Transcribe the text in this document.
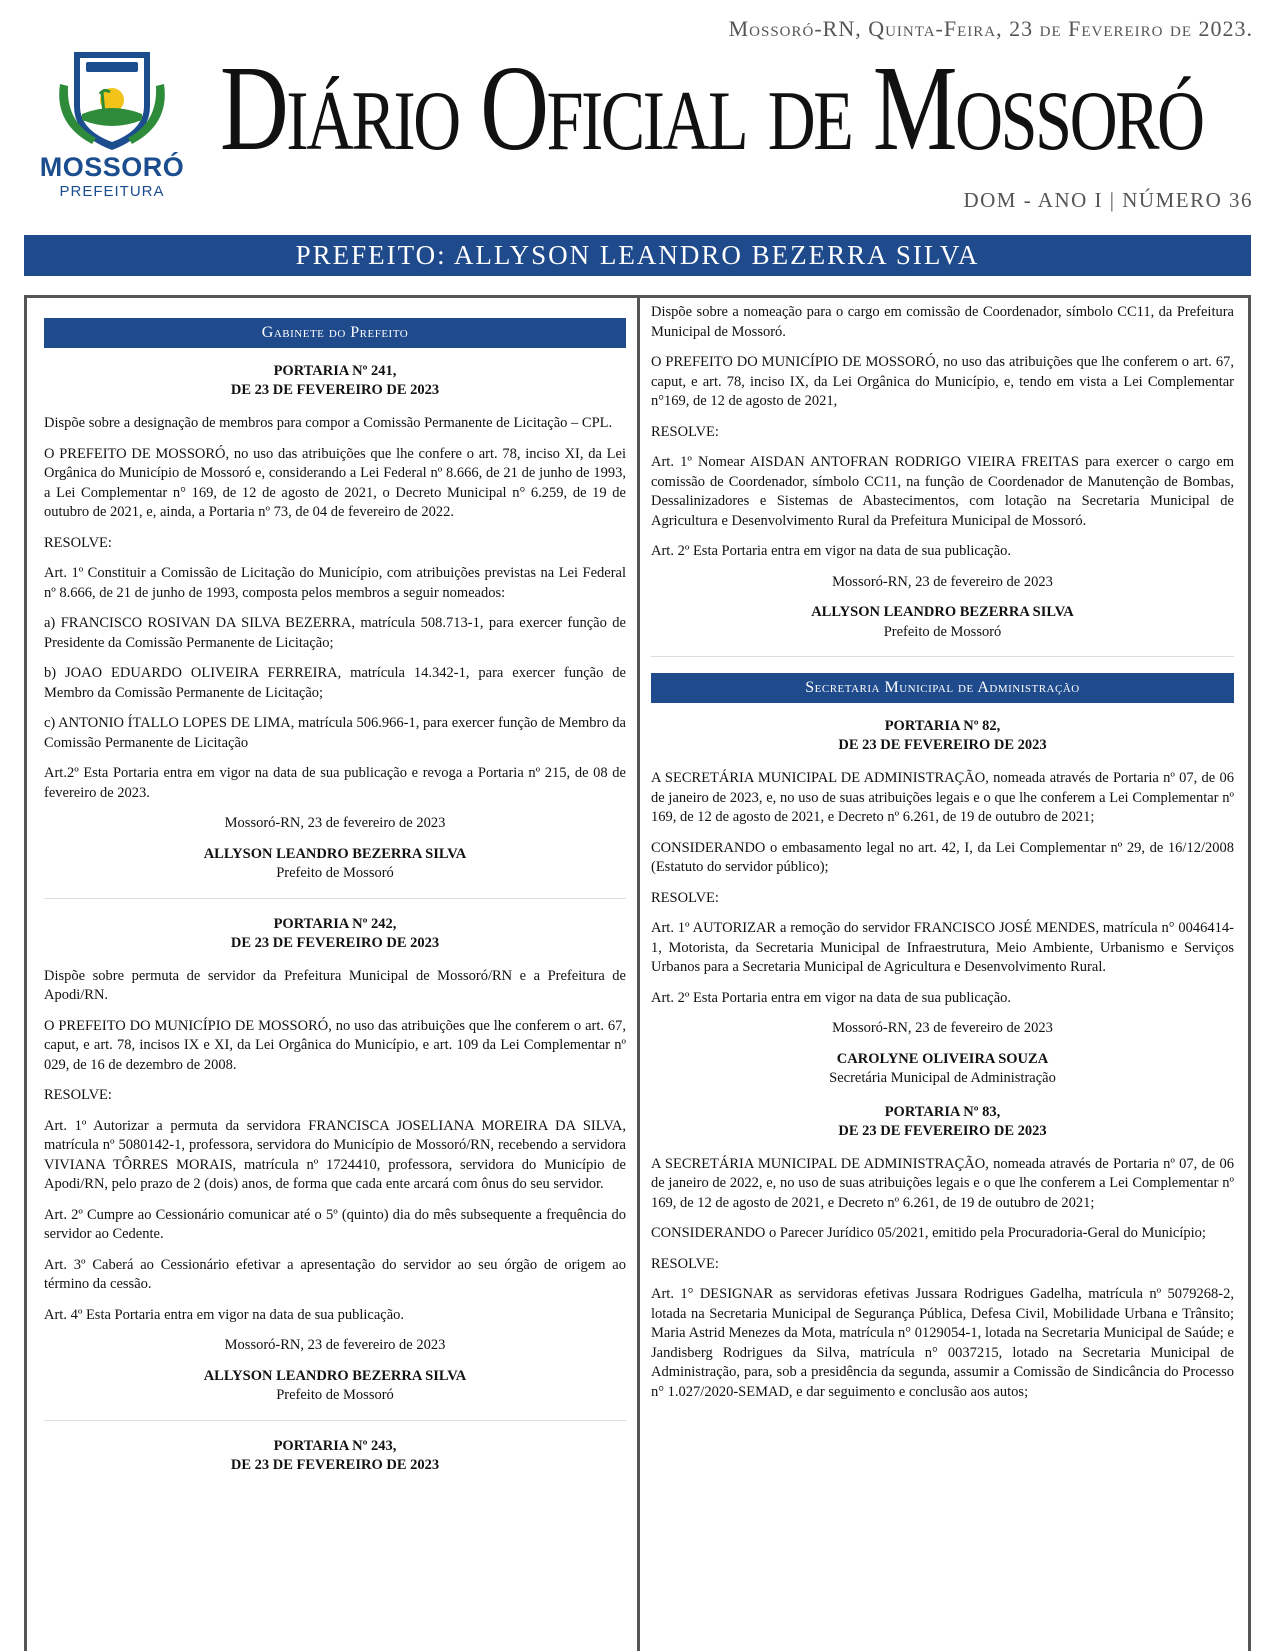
MOSSORÓ
PREFEITURA
Mossoró-RN, Quinta-Feira, 23 de Fevereiro de 2023.
Diário Oficial de Mossoró
DOM - ANO I | NÚMERO 36
PREFEITO: ALLYSON LEANDRO BEZERRA SILVA
Gabinete do Prefeito
PORTARIA Nº 241,
DE 23 DE FEVEREIRO DE 2023

Dispõe sobre a designação de membros para compor a Comissão Permanente de Licitação – CPL.

O PREFEITO DE MOSSORÓ, no uso das atribuições que lhe confere o art. 78, inciso XI, da Lei Orgânica do Município de Mossoró e, considerando a Lei Federal nº 8.666, de 21 de junho de 1993, a Lei Complementar n° 169, de 12 de agosto de 2021, o Decreto Municipal n° 6.259, de 19 de outubro de 2021, e, ainda, a Portaria nº 73, de 04 de fevereiro de 2022.

RESOLVE:

Art. 1º Constituir a Comissão de Licitação do Município, com atribuições previstas na Lei Federal nº 8.666, de 21 de junho de 1993, composta pelos membros a seguir nomeados:

a) FRANCISCO ROSIVAN DA SILVA BEZERRA, matrícula 508.713-1, para exercer função de Presidente da Comissão Permanente de Licitação;

b) JOAO EDUARDO OLIVEIRA FERREIRA, matrícula 14.342-1, para exercer função de Membro da Comissão Permanente de Licitação;

c) ANTONIO ÍTALLO LOPES DE LIMA, matrícula 506.966-1, para exercer função de Membro da Comissão Permanente de Licitação

Art.2º Esta Portaria entra em vigor na data de sua publicação e revoga a Portaria nº 215, de 08 de fevereiro de 2023.

Mossoró-RN, 23 de fevereiro de 2023
ALLYSON LEANDRO BEZERRA SILVA
Prefeito de Mossoró
PORTARIA Nº 242,
DE 23 DE FEVEREIRO DE 2023

Dispõe sobre permuta de servidor da Prefeitura Municipal de Mossoró/RN e a Prefeitura de Apodi/RN.

O PREFEITO DO MUNICÍPIO DE MOSSORÓ, no uso das atribuições que lhe conferem o art. 67, caput, e art. 78, incisos IX e XI, da Lei Orgânica do Município, e art. 109 da Lei Complementar nº 029, de 16 de dezembro de 2008.

RESOLVE:

Art. 1º Autorizar a permuta da servidora FRANCISCA JOSELIANA MOREIRA DA SILVA, matrícula nº 5080142-1, professora, servidora do Município de Mossoró/RN, recebendo a servidora VIVIANA TÔRRES MORAIS, matrícula nº 1724410, professora, servidora do Município de Apodi/RN, pelo prazo de 2 (dois) anos, de forma que cada ente arcará com ônus do seu servidor.

Art. 2º Cumpre ao Cessionário comunicar até o 5º (quinto) dia do mês subsequente a frequência do servidor ao Cedente.

Art. 3º Caberá ao Cessionário efetivar a apresentação do servidor ao seu órgão de origem ao término da cessão.

Art. 4º Esta Portaria entra em vigor na data de sua publicação.

Mossoró-RN, 23 de fevereiro de 2023
ALLYSON LEANDRO BEZERRA SILVA
Prefeito de Mossoró
PORTARIA Nº 243,
DE 23 DE FEVEREIRO DE 2023

Dispõe sobre a nomeação para o cargo em comissão de Coordenador, símbolo CC11, da Prefeitura Municipal de Mossoró.

O PREFEITO DO MUNICÍPIO DE MOSSORÓ, no uso das atribuições que lhe conferem o art. 67, caput, e art. 78, inciso IX, da Lei Orgânica do Município, e, tendo em vista a Lei Complementar n°169, de 12 de agosto de 2021,

RESOLVE:

Art. 1º Nomear AISDAN ANTOFRAN RODRIGO VIEIRA FREITAS para exercer o cargo em comissão de Coordenador, símbolo CC11, na função de Coordenador de Manutenção de Bombas, Dessalinizadores e Sistemas de Abastecimentos, com lotação na Secretaria Municipal de Agricultura e Desenvolvimento Rural da Prefeitura Municipal de Mossoró.

Art. 2º Esta Portaria entra em vigor na data de sua publicação.

Mossoró-RN, 23 de fevereiro de 2023
ALLYSON LEANDRO BEZERRA SILVA
Prefeito de Mossoró
Secretaria Municipal de Administração
PORTARIA Nº 82,
DE 23 DE FEVEREIRO DE 2023

A SECRETÁRIA MUNICIPAL DE ADMINISTRAÇÃO, nomeada através de Portaria nº 07, de 06 de janeiro de 2023, e, no uso de suas atribuições legais e o que lhe conferem a Lei Complementar nº 169, de 12 de agosto de 2021, e Decreto nº 6.261, de 19 de outubro de 2021;

CONSIDERANDO o embasamento legal no art. 42, I, da Lei Complementar nº 29, de 16/12/2008 (Estatuto do servidor público);

RESOLVE:

Art. 1º AUTORIZAR a remoção do servidor FRANCISCO JOSÉ MENDES, matrícula n° 0046414-1, Motorista, da Secretaria Municipal de Infraestrutura, Meio Ambiente, Urbanismo e Serviços Urbanos para a Secretaria Municipal de Agricultura e Desenvolvimento Rural.

Art. 2º Esta Portaria entra em vigor na data de sua publicação.

Mossoró-RN, 23 de fevereiro de 2023
CAROLYNE OLIVEIRA SOUZA
Secretária Municipal de Administração
PORTARIA Nº 83,
DE 23 DE FEVEREIRO DE 2023

A SECRETÁRIA MUNICIPAL DE ADMINISTRAÇÃO, nomeada através de Portaria nº 07, de 06 de janeiro de 2022, e, no uso de suas atribuições legais e o que lhe conferem a Lei Complementar nº 169, de 12 de agosto de 2021, e Decreto nº 6.261, de 19 de outubro de 2021;

CONSIDERANDO o Parecer Jurídico 05/2021, emitido pela Procuradoria-Geral do Município;

RESOLVE:

Art. 1° DESIGNAR as servidoras efetivas Jussara Rodrigues Gadelha, matrícula nº 5079268-2, lotada na Secretaria Municipal de Segurança Pública, Defesa Civil, Mobilidade Urbana e Trânsito; Maria Astrid Menezes da Mota, matrícula n° 0129054-1, lotada na Secretaria Municipal de Saúde; e Jandisberg Rodrigues da Silva, matrícula n° 0037215, lotado na Secretaria Municipal de Administração, para, sob a presidência da segunda, assumir a Comissão de Sindicância do Processo n° 1.027/2020-SEMAD, e dar seguimento e conclusão aos autos;
